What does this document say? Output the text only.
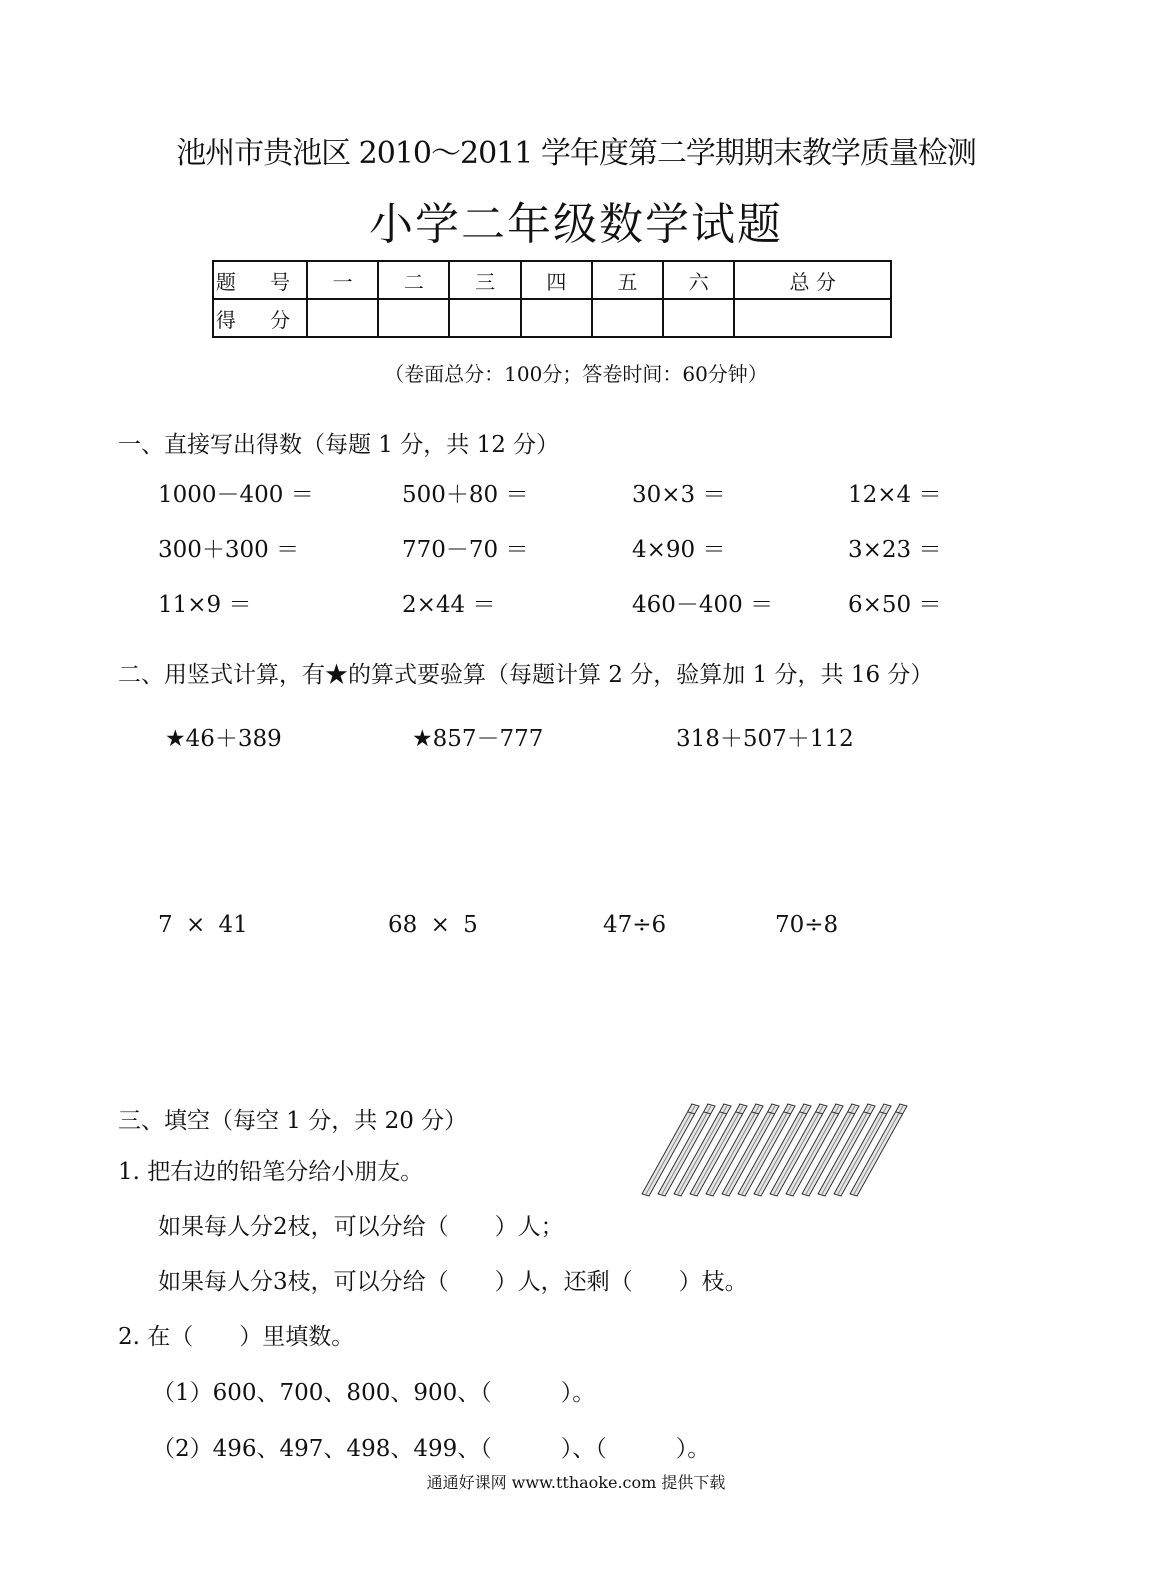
池州市贵池区 2010～2011 学年度第二学期期末教学质量检测
小学二年级数学试题
题 号	一	二	三	四	五	六	总 分
得 分							
（卷面总分：100分；答卷时间：60分钟）
一、直接写出得数（每题 1 分，共 12 分）
1000－400 ＝	500＋80 ＝	30×3 ＝	12×4 ＝
300＋300 ＝	770－70 ＝	4×90 ＝	3×23 ＝
11×9 ＝	2×44 ＝	460－400 ＝	6×50 ＝
二、用竖式计算，有★的算式要验算（每题计算 2 分，验算加 1 分，共 16 分）
★46＋389	★857－777	318＋507＋112
7 × 41	68 × 5	47÷6	70÷8
三、填空（每空 1 分，共 20 分）
1. 把右边的铅笔分给小朋友。
如果每人分2枝，可以分给（　　）人；
如果每人分3枝，可以分给（　　）人，还剩（　　）枝。
2. 在（　　）里填数。
（1）600、700、800、900、（　　　）。
（2）496、497、498、499、（　　　）、（　　　）。
通通好课网 www.tthaoke.com 提供下载
